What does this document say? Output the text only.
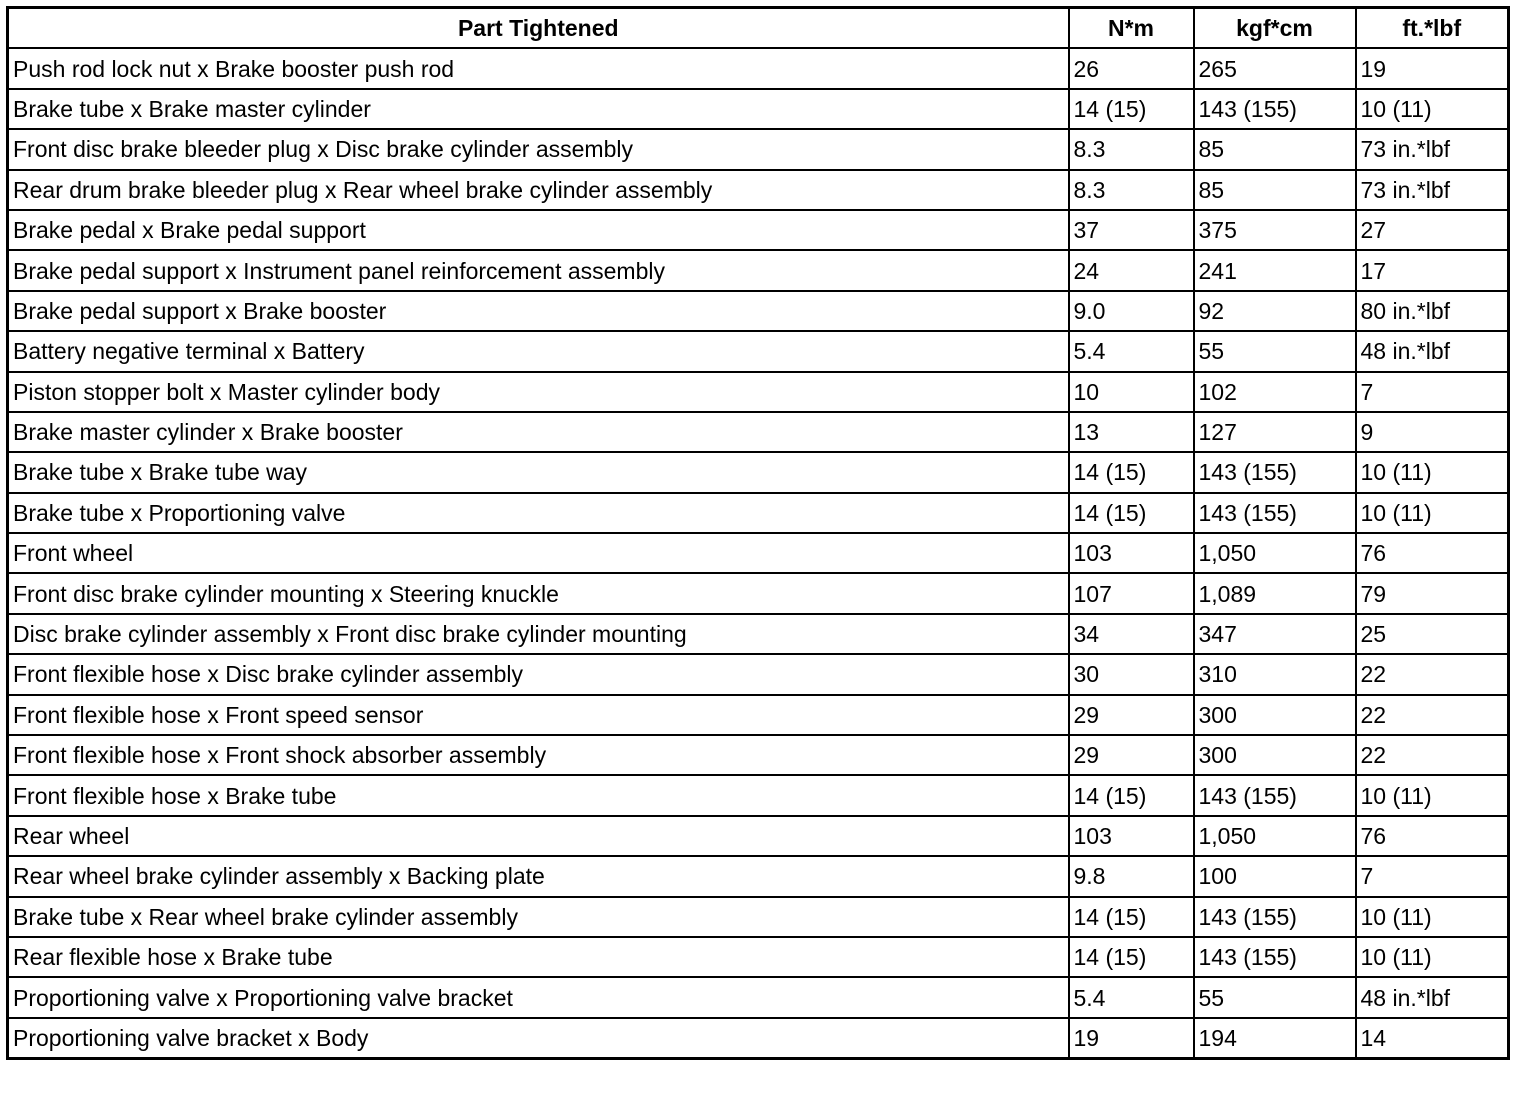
Part Tightened	N*m	kgf*cm	ft.*lbf
Push rod lock nut x Brake booster push rod	26	265	19
Brake tube x Brake master cylinder	14 (15)	143 (155)	10 (11)
Front disc brake bleeder plug x Disc brake cylinder assembly	8.3	85	73 in.*lbf
Rear drum brake bleeder plug x Rear wheel brake cylinder assembly	8.3	85	73 in.*lbf
Brake pedal x Brake pedal support	37	375	27
Brake pedal support x Instrument panel reinforcement assembly	24	241	17
Brake pedal support x Brake booster	9.0	92	80 in.*lbf
Battery negative terminal x Battery	5.4	55	48 in.*lbf
Piston stopper bolt x Master cylinder body	10	102	7
Brake master cylinder x Brake booster	13	127	9
Brake tube x Brake tube way	14 (15)	143 (155)	10 (11)
Brake tube x Proportioning valve	14 (15)	143 (155)	10 (11)
Front wheel	103	1,050	76
Front disc brake cylinder mounting x Steering knuckle	107	1,089	79
Disc brake cylinder assembly x Front disc brake cylinder mounting	34	347	25
Front flexible hose x Disc brake cylinder assembly	30	310	22
Front flexible hose x Front speed sensor	29	300	22
Front flexible hose x Front shock absorber assembly	29	300	22
Front flexible hose x Brake tube	14 (15)	143 (155)	10 (11)
Rear wheel	103	1,050	76
Rear wheel brake cylinder assembly x Backing plate	9.8	100	7
Brake tube x Rear wheel brake cylinder assembly	14 (15)	143 (155)	10 (11)
Rear flexible hose x Brake tube	14 (15)	143 (155)	10 (11)
Proportioning valve x Proportioning valve bracket	5.4	55	48 in.*lbf
Proportioning valve bracket x Body	19	194	14
